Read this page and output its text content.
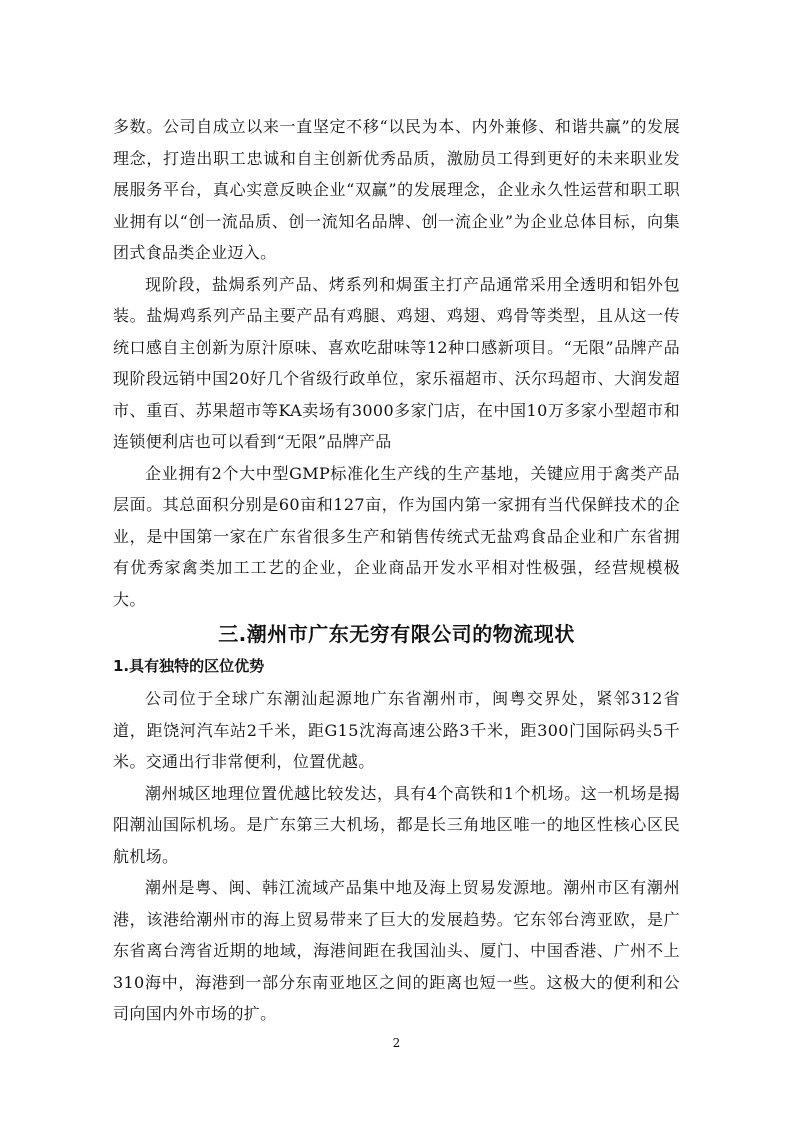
多数。公司自成立以来一直坚定不移“以民为本、内外兼修、和谐共赢”的发展理念，打造出职工忠诚和自主创新优秀品质，激励员工得到更好的未来职业发展服务平台，真心实意反映企业“双赢”的发展理念，企业永久性运营和职工职业拥有以“创一流品质、创一流知名品牌、创一流企业”为企业总体目标，向集团式食品类企业迈入。

现阶段，盐焗系列产品、烤系列和焗蛋主打产品通常采用全透明和铝外包装。盐焗鸡系列产品主要产品有鸡腿、鸡翅、鸡翅、鸡骨等类型，且从这一传统口感自主创新为原汁原味、喜欢吃甜味等12种口感新项目。“无限”品牌产品现阶段远销中国20好几个省级行政单位，家乐福超市、沃尔玛超市、大润发超市、重百、苏果超市等KA卖场有3000多家门店，在中国10万多家小型超市和连锁便利店也可以看到“无限”品牌产品

企业拥有2个大中型GMP标准化生产线的生产基地，关键应用于禽类产品层面。其总面积分别是60亩和127亩，作为国内第一家拥有当代保鲜技术的企业，是中国第一家在广东省很多生产和销售传统式无盐鸡食品企业和广东省拥有优秀家禽类加工工艺的企业，企业商品开发水平相对性极强，经营规模极大。

三.潮州市广东无穷有限公司的物流现状
1.具有独特的区位优势

公司位于全球广东潮汕起源地广东省潮州市，闽粤交界处，紧邻312省道，距饶河汽车站2千米，距G15沈海高速公路3千米，距300门国际码头5千米。交通出行非常便利，位置优越。

潮州城区地理位置优越比较发达，具有4个高铁和1个机场。这一机场是揭阳潮汕国际机场。是广东第三大机场，都是长三角地区唯一的地区性核心区民航机场。

潮州是粤、闽、韩江流域产品集中地及海上贸易发源地。潮州市区有潮州港，该港给潮州市的海上贸易带来了巨大的发展趋势。它东邻台湾亚欧，是广东省离台湾省近期的地域，海港间距在我国汕头、厦门、中国香港、广州不上310海中，海港到一部分东南亚地区之间的距离也短一些。这极大的便利和公司向国内外市场的扩。

2
